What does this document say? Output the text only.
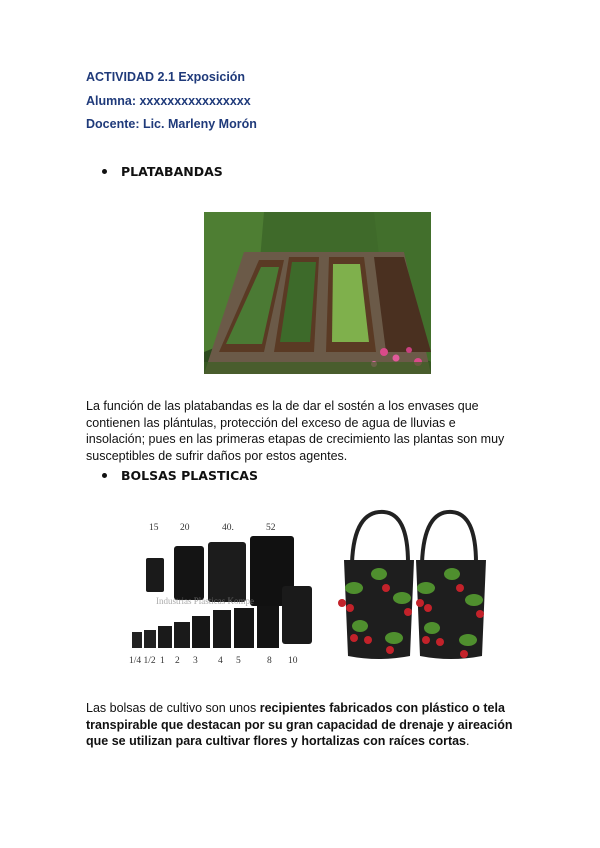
ACTIVIDAD 2.1 Exposición
Alumna: xxxxxxxxxxxxxxxx
Docente: Lic. Marleny Morón
PLATABANDAS
La función de las platabandas es la de dar el sostén a los envases que contienen las plántulas, protección del exceso de agua de lluvias e insolación; pues en las primeras etapas de crecimiento las plantas son muy susceptibles de sufrir daños por estos agentes.
BOLSAS PLASTICAS
Industrias Plasticas Kompe
15 20	40.	52
1/4 1/2 1 2 3 4 5	8 10
Las bolsas de cultivo son unos recipientes fabricados con plástico o tela transpirable que destacan por su gran capacidad de drenaje y aireación que se utilizan para cultivar flores y hortalizas con raíces cortas.
